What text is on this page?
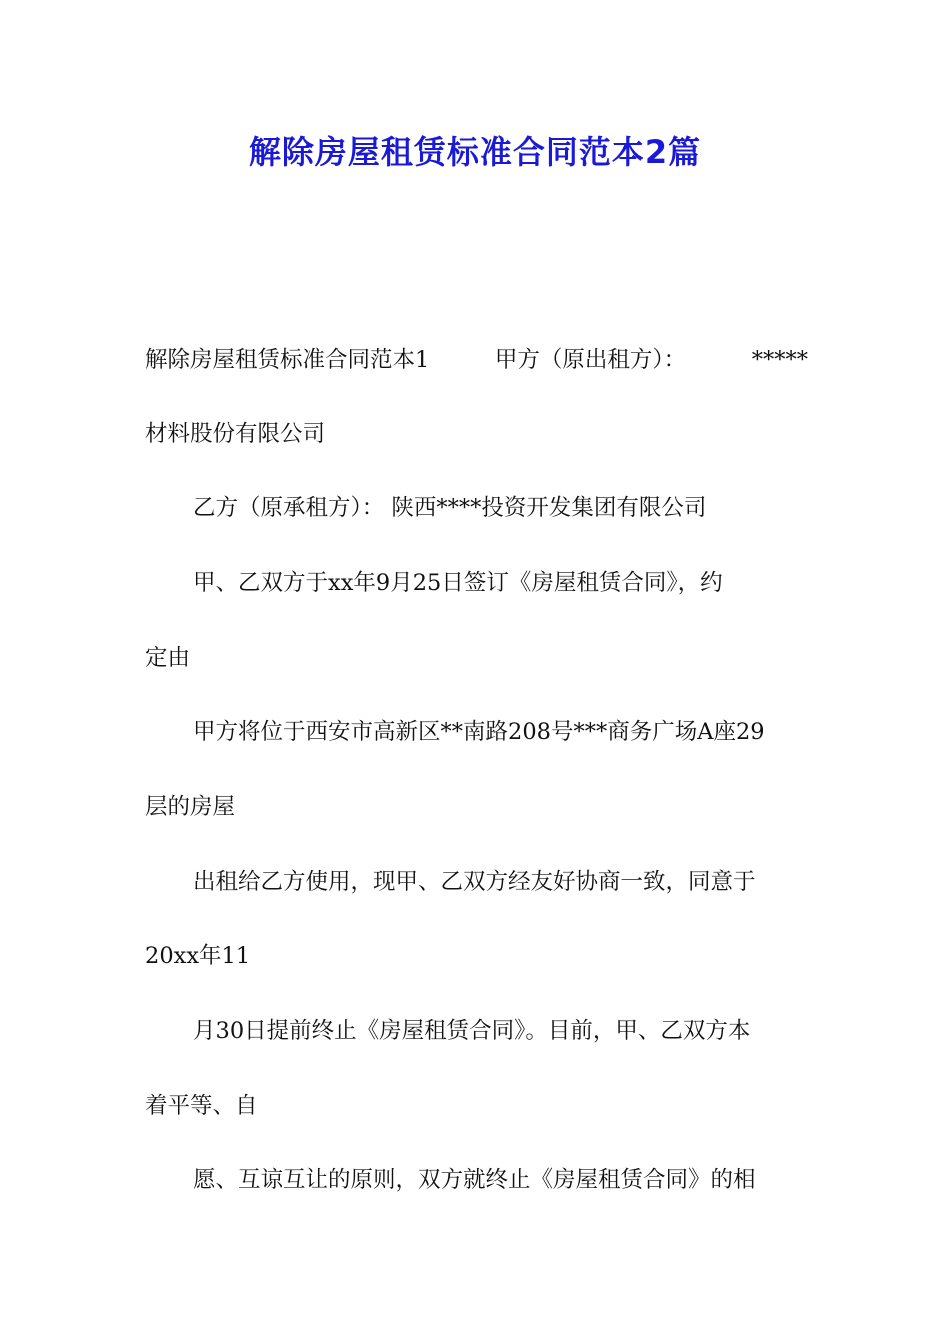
解除房屋租赁标准合同范本2篇
解除房屋租赁标准合同范本1	甲方（原出租方）：	*****
材料股份有限公司
乙方（原承租方）： 陕西****投资开发集团有限公司
甲、乙双方于xx年9月25日签订《房屋租赁合同》，约
定由
甲方将位于西安市高新区**南路208号***商务广场A座29
层的房屋
出租给乙方使用，现甲、乙双方经友好协商一致，同意于
20xx年11
月30日提前终止《房屋租赁合同》。目前，甲、乙双方本
着平等、自
愿、互谅互让的原则，双方就终止《房屋租赁合同》的相
